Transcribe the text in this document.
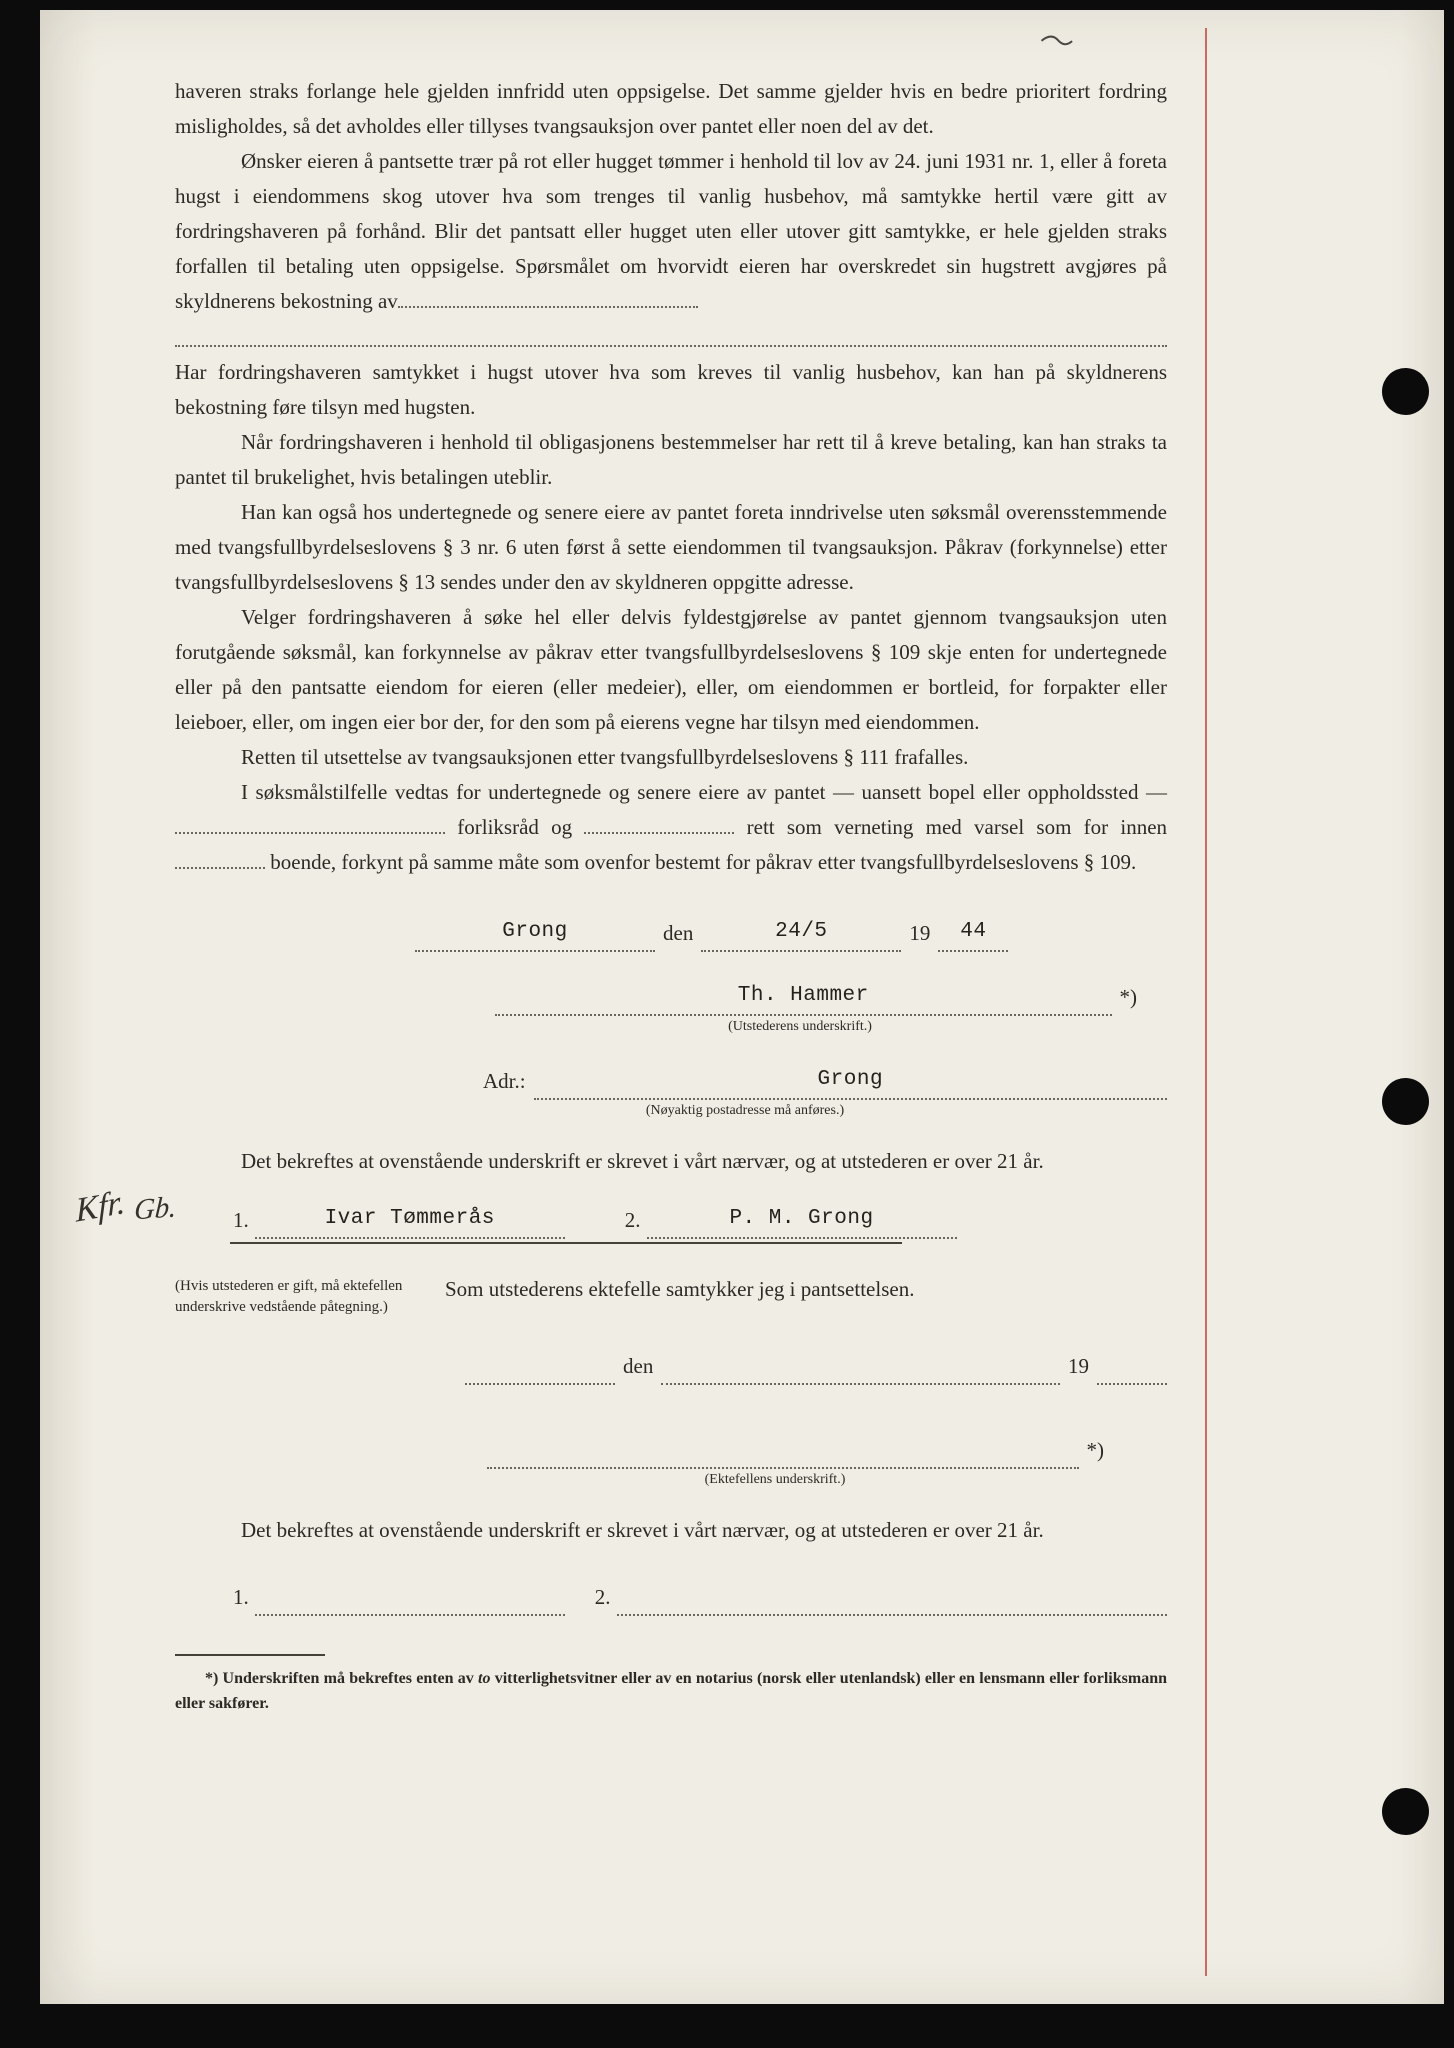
haveren straks forlange hele gjelden innfridd uten oppsigelse. Det samme gjelder hvis en bedre prioritert fordring misligholdes, så det avholdes eller tillyses tvangsauksjon over pantet eller noen del av det.

Ønsker eieren å pantsette trær på rot eller hugget tømmer i henhold til lov av 24. juni 1931 nr. 1, eller å foreta hugst i eiendommens skog utover hva som trenges til vanlig husbehov, må samtykke hertil være gitt av fordringshaveren på forhånd. Blir det pantsatt eller hugget uten eller utover gitt samtykke, er hele gjelden straks forfallen til betaling uten oppsigelse. Spørsmålet om hvorvidt eieren har overskredet sin hugstrett avgjøres på skyldnerens bekostning av

Har fordringshaveren samtykket i hugst utover hva som kreves til vanlig husbehov, kan han på skyldnerens bekostning føre tilsyn med hugsten.

Når fordringshaveren i henhold til obligasjonens bestemmelser har rett til å kreve betaling, kan han straks ta pantet til brukelighet, hvis betalingen uteblir.

Han kan også hos undertegnede og senere eiere av pantet foreta inndrivelse uten søksmål overensstemmende med tvangsfullbyrdelseslovens § 3 nr. 6 uten først å sette eiendommen til tvangsauksjon. Påkrav (forkynnelse) etter tvangsfullbyrdelseslovens § 13 sendes under den av skyldneren oppgitte adresse.

Velger fordringshaveren å søke hel eller delvis fyldestgjørelse av pantet gjennom tvangsauksjon uten forutgående søksmål, kan forkynnelse av påkrav etter tvangsfullbyrdelseslovens § 109 skje enten for undertegnede eller på den pantsatte eiendom for eieren (eller medeier), eller, om eiendommen er bortleid, for forpakter eller leieboer, eller, om ingen eier bor der, for den som på eierens vegne har tilsyn med eiendommen.

Retten til utsettelse av tvangsauksjonen etter tvangsfullbyrdelseslovens § 111 frafalles.

I søksmålstilfelle vedtas for undertegnede og senere eiere av pantet — uansett bopel eller oppholdssted —  forliksråd og	rett som verneting med varsel som for innen  boende, forkynt på samme måte som ovenfor bestemt for påkrav etter tvangsfullbyrdelseslovens § 109.

Grong	den	24/5	19	44
Th. Hammer	*)
(Utstederens underskrift.)
Adr.:	Grong
(Nøyaktig postadresse må anføres.)

Det bekreftes at ovenstående underskrift er skrevet i vårt nærvær, og at utstederen er over 21 år.

Kfr. Gb.	1.	Ivar Tømmerås	2.	P. M. Grong
(Hvis utstederen er gift, må ektefellen underskrive vedstående påtegning.)

Som utstederens ektefelle samtykker jeg i pantsettelsen.

den	19
*)
(Ektefellens underskrift.)

Det bekreftes at ovenstående underskrift er skrevet i vårt nærvær, og at utstederen er over 21 år.

1.	2.

*) Underskriften må bekreftes enten av to vitterlighetsvitner eller av en notarius (norsk eller utenlandsk) eller en lensmann eller forliksmann eller sakfører.
